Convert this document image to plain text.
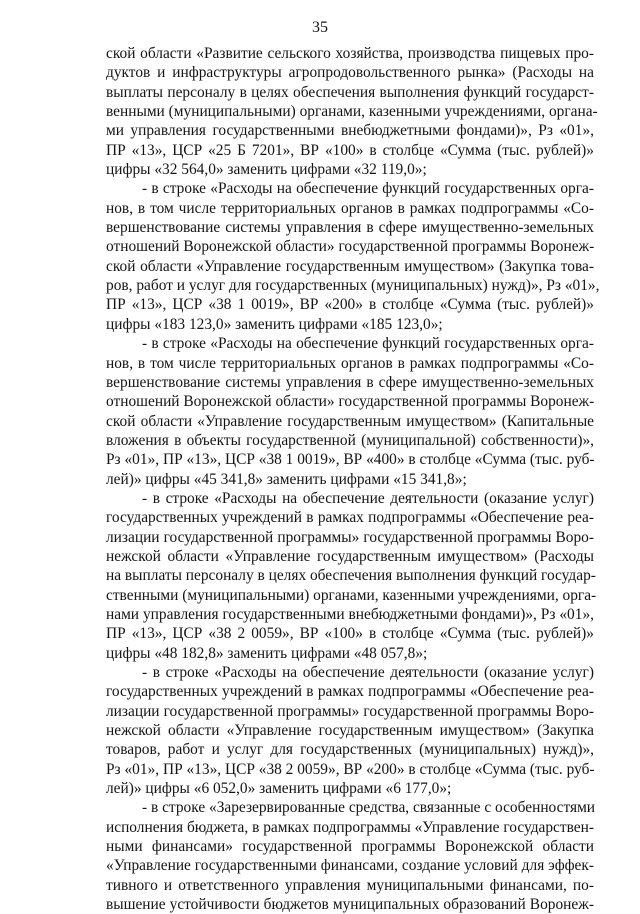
35
ской области «Развитие сельского хозяйства, производства пищевых про-
дуктов и инфраструктуры агропродовольственного рынка» (Расходы на
выплаты персоналу в целях обеспечения выполнения функций государст-
венными (муниципальными) органами, казенными учреждениями, органа-
ми управления государственными внебюджетными фондами)», Рз «01»,
ПР «13», ЦСР «25 Б 7201», ВР «100» в столбце «Сумма (тыс. рублей)»
цифры «32 564,0» заменить цифрами «32 119,0»;
- в строке «Расходы на обеспечение функций государственных орга-
нов, в том числе территориальных органов в рамках подпрограммы «Со-
вершенствование системы управления в сфере имущественно-земельных
отношений Воронежской области» государственной программы Воронеж-
ской области «Управление государственным имуществом» (Закупка това-
ров, работ и услуг для государственных (муниципальных) нужд)», Рз «01»,
ПР «13», ЦСР «38 1 0019», ВР «200» в столбце «Сумма (тыс. рублей)»
цифры «183 123,0» заменить цифрами «185 123,0»;
- в строке «Расходы на обеспечение функций государственных орга-
нов, в том числе территориальных органов в рамках подпрограммы «Со-
вершенствование системы управления в сфере имущественно-земельных
отношений Воронежской области» государственной программы Воронеж-
ской области «Управление государственным имуществом» (Капитальные
вложения в объекты государственной (муниципальной) собственности)»,
Рз «01», ПР «13», ЦСР «38 1 0019», ВР «400» в столбце «Сумма (тыс. руб-
лей)» цифры «45 341,8» заменить цифрами «15 341,8»;
- в строке «Расходы на обеспечение деятельности (оказание услуг)
государственных учреждений в рамках подпрограммы «Обеспечение реа-
лизации государственной программы» государственной программы Воро-
нежской области «Управление государственным имуществом» (Расходы
на выплаты персоналу в целях обеспечения выполнения функций государ-
ственными (муниципальными) органами, казенными учреждениями, орга-
нами управления государственными внебюджетными фондами)», Рз «01»,
ПР «13», ЦСР «38 2 0059», ВР «100» в столбце «Сумма (тыс. рублей)»
цифры «48 182,8» заменить цифрами «48 057,8»;
- в строке «Расходы на обеспечение деятельности (оказание услуг)
государственных учреждений в рамках подпрограммы «Обеспечение реа-
лизации государственной программы» государственной программы Воро-
нежской области «Управление государственным имуществом» (Закупка
товаров, работ и услуг для государственных (муниципальных) нужд)»,
Рз «01», ПР «13», ЦСР «38 2 0059», ВР «200» в столбце «Сумма (тыс. руб-
лей)» цифры «6 052,0» заменить цифрами «6 177,0»;
- в строке «Зарезервированные средства, связанные с особенностями
исполнения бюджета, в рамках подпрограммы «Управление государствен-
ными финансами» государственной программы Воронежской области
«Управление государственными финансами, создание условий для эффек-
тивного и ответственного управления муниципальными финансами, по-
вышение устойчивости бюджетов муниципальных образований Воронеж-
